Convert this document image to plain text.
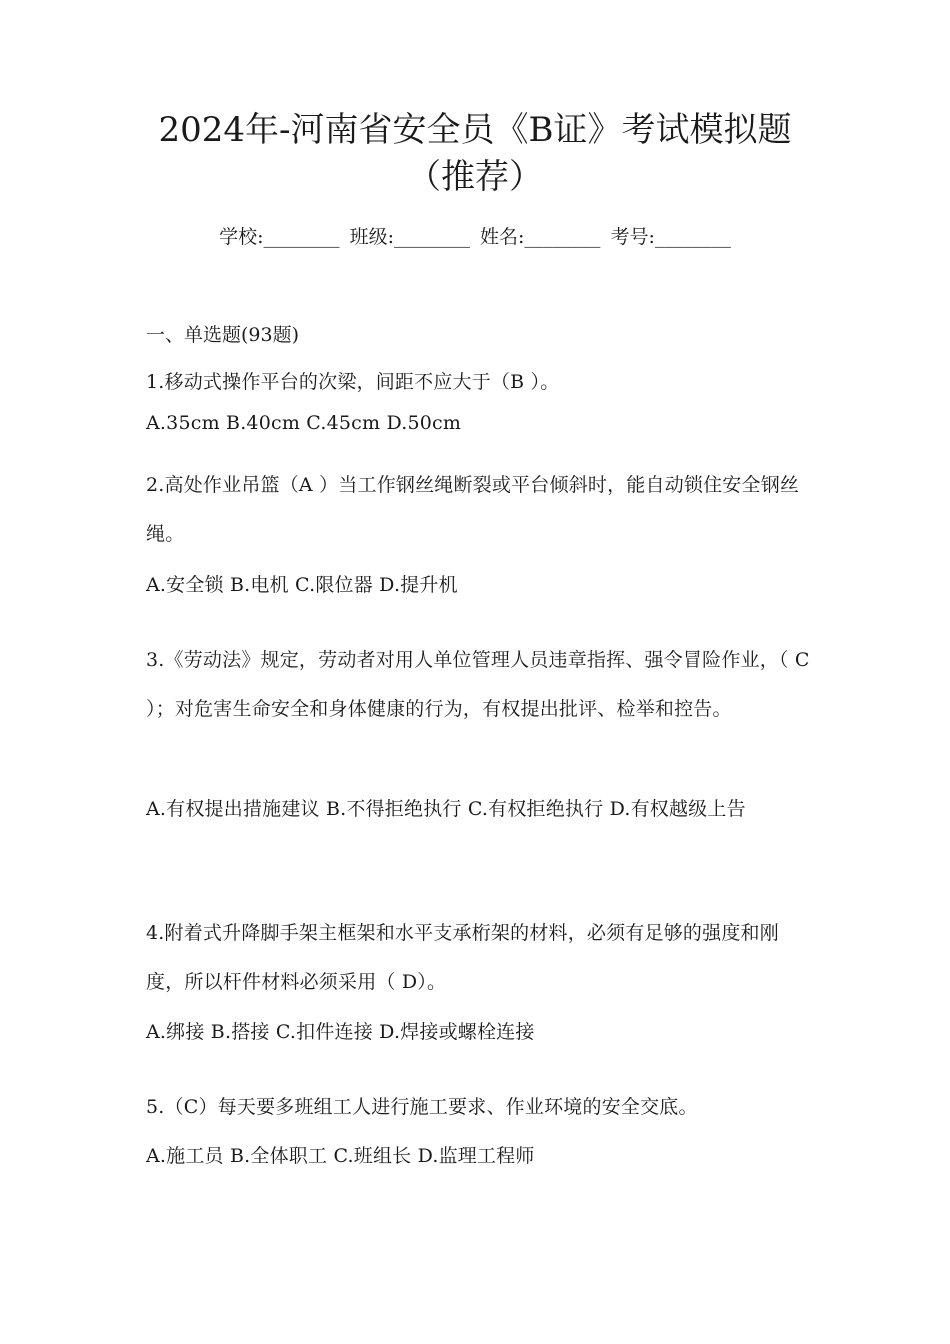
2024年-河南省安全员《B证》考试模拟题
（推荐）
学校:________ 班级:________ 姓名:________ 考号:________
一、单选题(93题)

1.移动式操作平台的次梁，间距不应大于（B ）。

A.35cm B.40cm C.45cm D.50cm

2.高处作业吊篮（A ）当工作钢丝绳断裂或平台倾斜时，能自动锁住安全钢丝绳。

A.安全锁 B.电机 C.限位器 D.提升机

3.《劳动法》规定，劳动者对用人单位管理人员违章指挥、强令冒险作业，（ C ）；对危害生命安全和身体健康的行为，有权提出批评、检举和控告。

A.有权提出措施建议 B.不得拒绝执行 C.有权拒绝执行 D.有权越级上告

4.附着式升降脚手架主框架和水平支承桁架的材料，必须有足够的强度和刚度，所以杆件材料必须采用（ D）。

A.绑接 B.搭接 C.扣件连接 D.焊接或螺栓连接

5.（C）每天要多班组工人进行施工要求、作业环境的安全交底。

A.施工员 B.全体职工 C.班组长 D.监理工程师
